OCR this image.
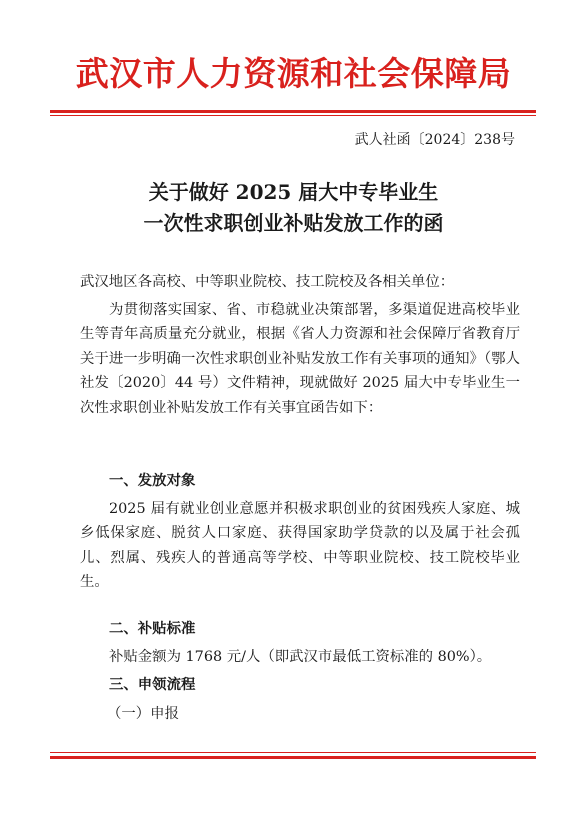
武汉市人力资源和社会保障局
武人社函〔2024〕238号
关于做好 2025 届大中专毕业生
一次性求职创业补贴发放工作的函

武汉地区各高校、中等职业院校、技工院校及各相关单位：

为贯彻落实国家、省、市稳就业决策部署，多渠道促进高校毕业生等青年高质量充分就业，根据《省人力资源和社会保障厅省教育厅关于进一步明确一次性求职创业补贴发放工作有关事项的通知》（鄂人社发〔2020〕44 号）文件精神，现就做好 2025 届大中专毕业生一次性求职创业补贴发放工作有关事宜函告如下：

一、发放对象

2025 届有就业创业意愿并积极求职创业的贫困残疾人家庭、城乡低保家庭、脱贫人口家庭、获得国家助学贷款的以及属于社会孤儿、烈属、残疾人的普通高等学校、中等职业院校、技工院校毕业生。

二、补贴标准

补贴金额为 1768 元/人（即武汉市最低工资标准的 80%）。

三、申领流程
（一）申报
